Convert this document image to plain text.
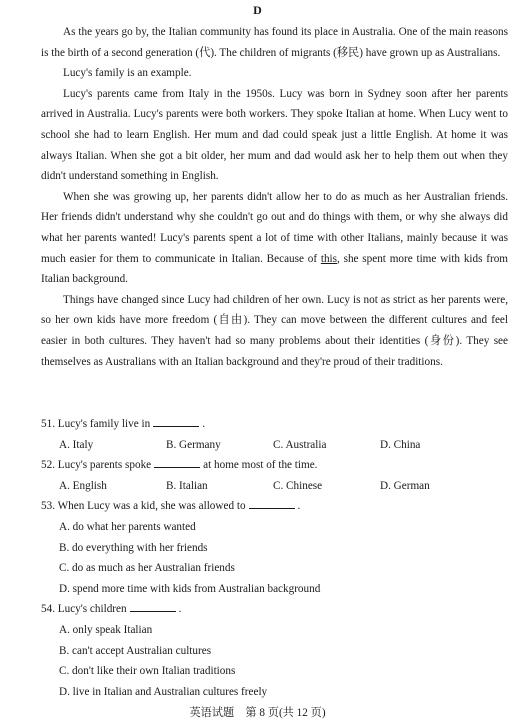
D

As the years go by, the Italian community has found its place in Australia. One of the main reasons is the birth of a second generation (代). The children of migrants (移民) have grown up as Australians.

Lucy's family is an example.

Lucy's parents came from Italy in the 1950s. Lucy was born in Sydney soon after her parents arrived in Australia. Lucy's parents were both workers. They spoke Italian at home. When Lucy went to school she had to learn English. Her mum and dad could speak just a little English. At home it was always Italian. When she got a bit older, her mum and dad would ask her to help them out when they didn't understand something in English.

When she was growing up, her parents didn't allow her to do as much as her Australian friends. Her friends didn't understand why she couldn't go out and do things with them, or why she always did what her parents wanted! Lucy's parents spent a lot of time with other Italians, mainly because it was much easier for them to communicate in Italian. Because of this, she spent more time with kids from Italian background.

Things have changed since Lucy had children of her own. Lucy is not as strict as her parents were, so her own kids have more freedom (自由). They can move between the different cultures and feel easier in both cultures. They haven't had so many problems about their identities (身份). They see themselves as Australians with an Italian background and they're proud of their traditions.

51. Lucy's family live in	.
A. Italy	B. Germany	C. Australia	D. China
52. Lucy's parents spoke	at home most of the time.
A. English	B. Italian	C. Chinese	D. German
53. When Lucy was a kid, she was allowed to	.
A. do what her parents wanted
B. do everything with her friends
C. do as much as her Australian friends
D. spend more time with kids from Australian background
54. Lucy's children	.
A. only speak Italian
B. can't accept Australian cultures
C. don't like their own Italian traditions
D. live in Italian and Australian cultures freely
英语试题　第 8 页(共 12 页)
